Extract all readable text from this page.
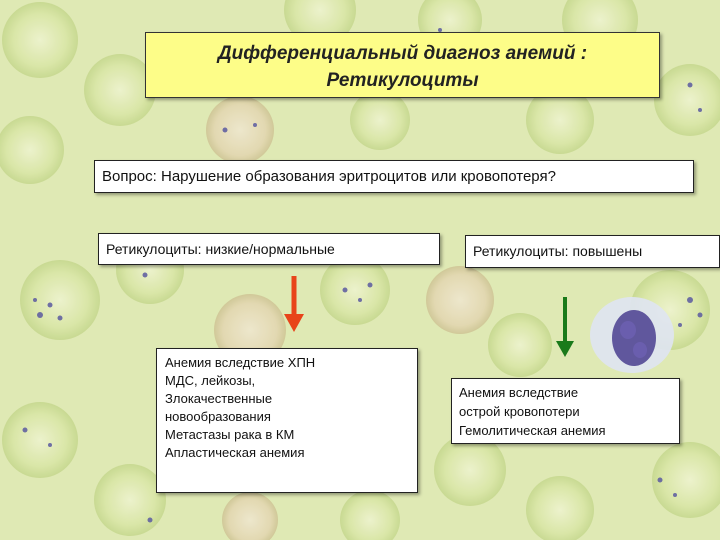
Дифференциальный диагноз анемий :
Ретикулоциты
Вопрос: Нарушение образования эритроцитов или кровопотеря?
Ретикулоциты: низкие/нормальные	Ретикулоциты: повышены
Анемия вследствие ХПН
МДС, лейкозы,
Злокачественные
новообразования
Метастазы рака в КМ
Апластическая анемия
Анемия вследствие
острой кровопотери
Гемолитическая анемия
